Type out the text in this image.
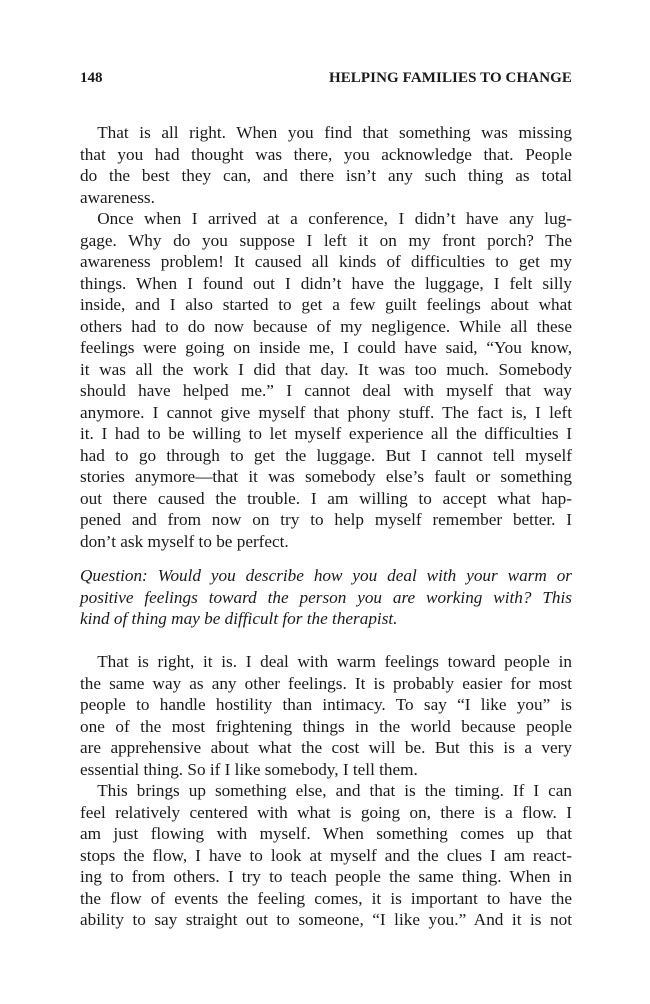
148	HELPING FAMILIES TO CHANGE
 That is all right. When you find that something was missing
that you had thought was there, you acknowledge that. People
do the best they can, and there isn’t any such thing as total
awareness.
 Once when I arrived at a conference, I didn’t have any lug-
gage. Why do you suppose I left it on my front porch? The
awareness problem! It caused all kinds of difficulties to get my
things. When I found out I didn’t have the luggage, I felt silly
inside, and I also started to get a few guilt feelings about what
others had to do now because of my negligence. While all these
feelings were going on inside me, I could have said, “You know,
it was all the work I did that day. It was too much. Somebody
should have helped me.” I cannot deal with myself that way
anymore. I cannot give myself that phony stuff. The fact is, I left
it. I had to be willing to let myself experience all the difficulties I
had to go through to get the luggage. But I cannot tell myself
stories anymore—that it was somebody else’s fault or something
out there caused the trouble. I am willing to accept what hap-
pened and from now on try to help myself remember better. I
don’t ask myself to be perfect.
Question: Would you describe how you deal with your warm or
positive feelings toward the person you are working with? This
kind of thing may be difficult for the therapist.
 That is right, it is. I deal with warm feelings toward people in
the same way as any other feelings. It is probably easier for most
people to handle hostility than intimacy. To say “I like you” is
one of the most frightening things in the world because people
are apprehensive about what the cost will be. But this is a very
essential thing. So if I like somebody, I tell them.
 This brings up something else, and that is the timing. If I can
feel relatively centered with what is going on, there is a flow. I
am just flowing with myself. When something comes up that
stops the flow, I have to look at myself and the clues I am react-
ing to from others. I try to teach people the same thing. When in
the flow of events the feeling comes, it is important to have the
ability to say straight out to someone, “I like you.” And it is not
